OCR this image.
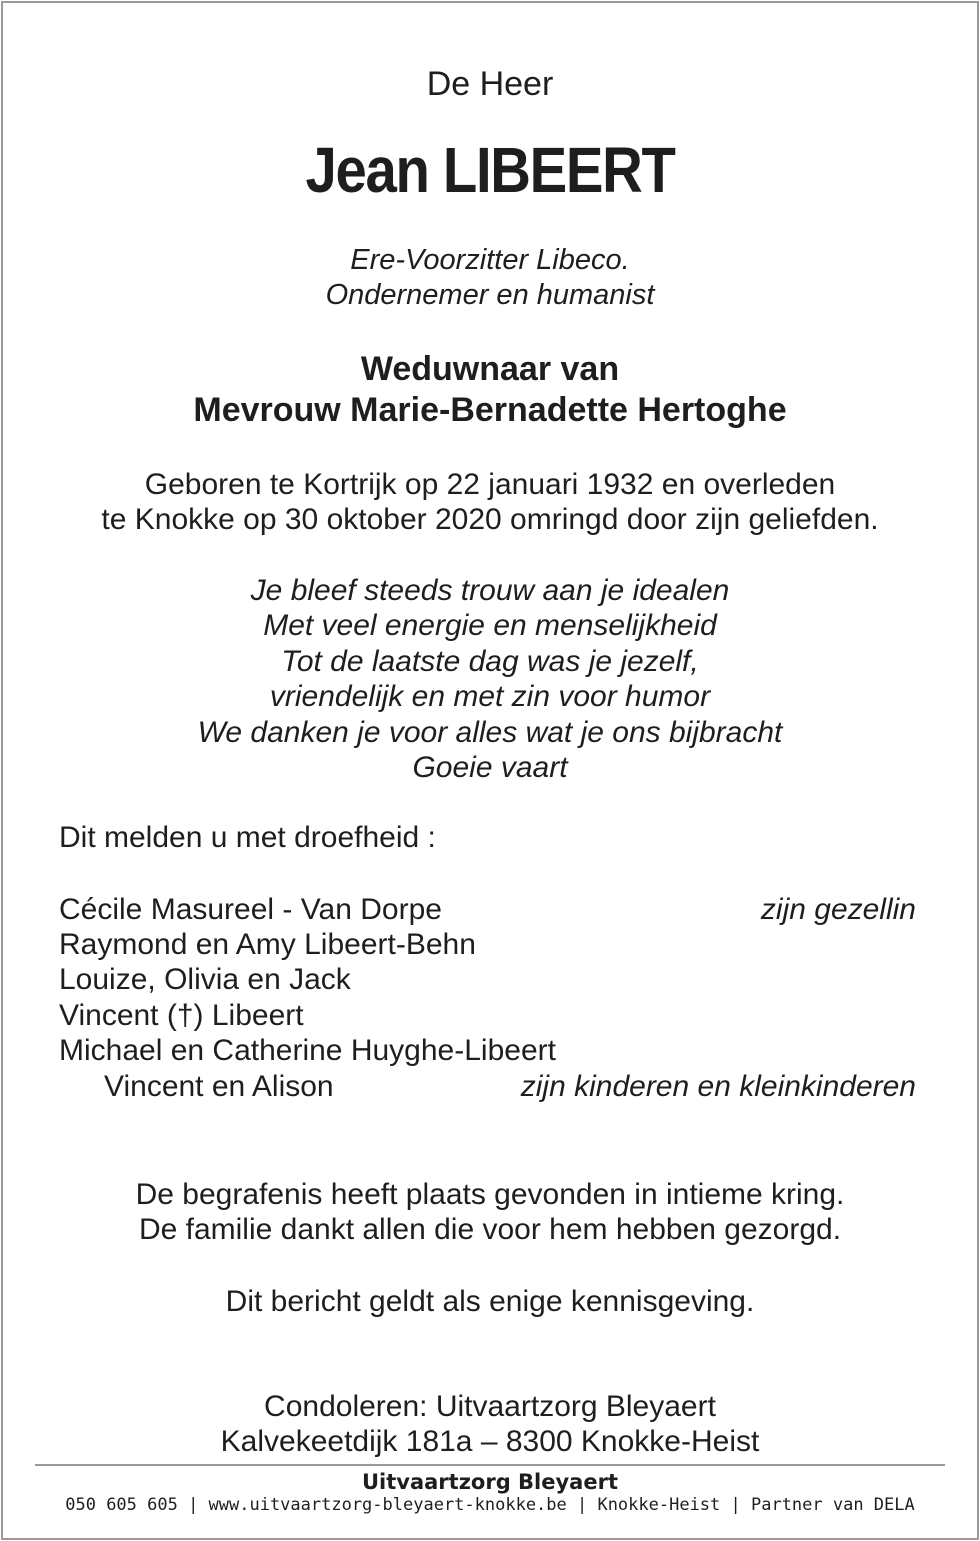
De Heer
Jean LIBEERT
Ere-Voorzitter Libeco.
Ondernemer en humanist
Weduwnaar van
Mevrouw Marie-Bernadette Hertoghe
Geboren te Kortrijk op 22 januari 1932 en overleden
te Knokke op 30 oktober 2020 omringd door zijn geliefden.
Je bleef steeds trouw aan je idealen
Met veel energie en menselijkheid
Tot de laatste dag was je jezelf,
vriendelijk en met zin voor humor
We danken je voor alles wat je ons bijbracht
Goeie vaart
Dit melden u met droefheid :
Cécile Masureel - Van Dorpe	zijn gezellin
Raymond en Amy Libeert-Behn
Louize, Olivia en Jack
Vincent (†) Libeert
Michael en Catherine Huyghe-Libeert
Vincent en Alison	zijn kinderen en kleinkinderen
De begrafenis heeft plaats gevonden in intieme kring.
De familie dankt allen die voor hem hebben gezorgd.
Dit bericht geldt als enige kennisgeving.
Condoleren: Uitvaartzorg Bleyaert
Kalvekeetdijk 181a – 8300 Knokke-Heist
Uitvaartzorg Bleyaert
050 605 605 | www.uitvaartzorg-bleyaert-knokke.be | Knokke-Heist | Partner van DELA
